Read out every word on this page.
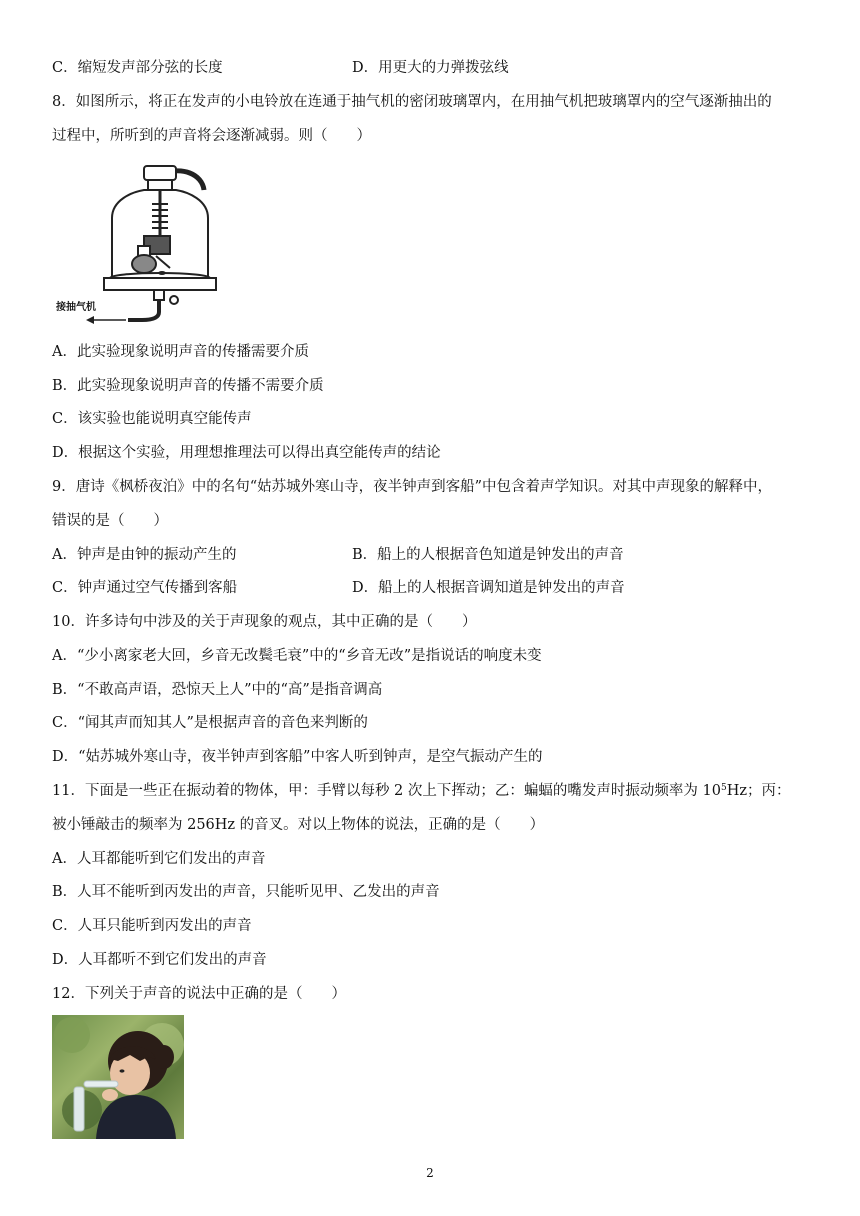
C．缩短发声部分弦的长度	D．用更大的力弹拨弦线
8．如图所示，将正在发声的小电铃放在连通于抽气机的密闭玻璃罩内，在用抽气机把玻璃罩内的空气逐渐抽出的
过程中，所听到的声音将会逐渐减弱。则（　　）
接抽气机
A．此实验现象说明声音的传播需要介质
B．此实验现象说明声音的传播不需要介质
C．该实验也能说明真空能传声
D．根据这个实验，用理想推理法可以得出真空能传声的结论
9．唐诗《枫桥夜泊》中的名句“姑苏城外寒山寺，夜半钟声到客船”中包含着声学知识。对其中声现象的解释中，
错误的是（　　）
A．钟声是由钟的振动产生的	B．船上的人根据音色知道是钟发出的声音
C．钟声通过空气传播到客船	D．船上的人根据音调知道是钟发出的声音
10．许多诗句中涉及的关于声现象的观点，其中正确的是（　　）
A．“少小离家老大回，乡音无改鬓毛衰”中的“乡音无改”是指说话的响度未变
B．“不敢高声语，恐惊天上人”中的“高”是指音调高
C．“闻其声而知其人”是根据声音的音色来判断的
D．“姑苏城外寒山寺，夜半钟声到客船”中客人听到钟声，是空气振动产生的
11．下面是一些正在振动着的物体，甲：手臂以每秒 2 次上下挥动；乙：蝙蝠的嘴发声时振动频率为 $10^5Hz$；丙：
被小锤敲击的频率为 256Hz 的音叉。对以上物体的说法，正确的是（　　）
A．人耳都能听到它们发出的声音
B．人耳不能听到丙发出的声音，只能听见甲、乙发出的声音
C．人耳只能听到丙发出的声音
D．人耳都听不到它们发出的声音
12．下列关于声音的说法中正确的是（　　）
2
